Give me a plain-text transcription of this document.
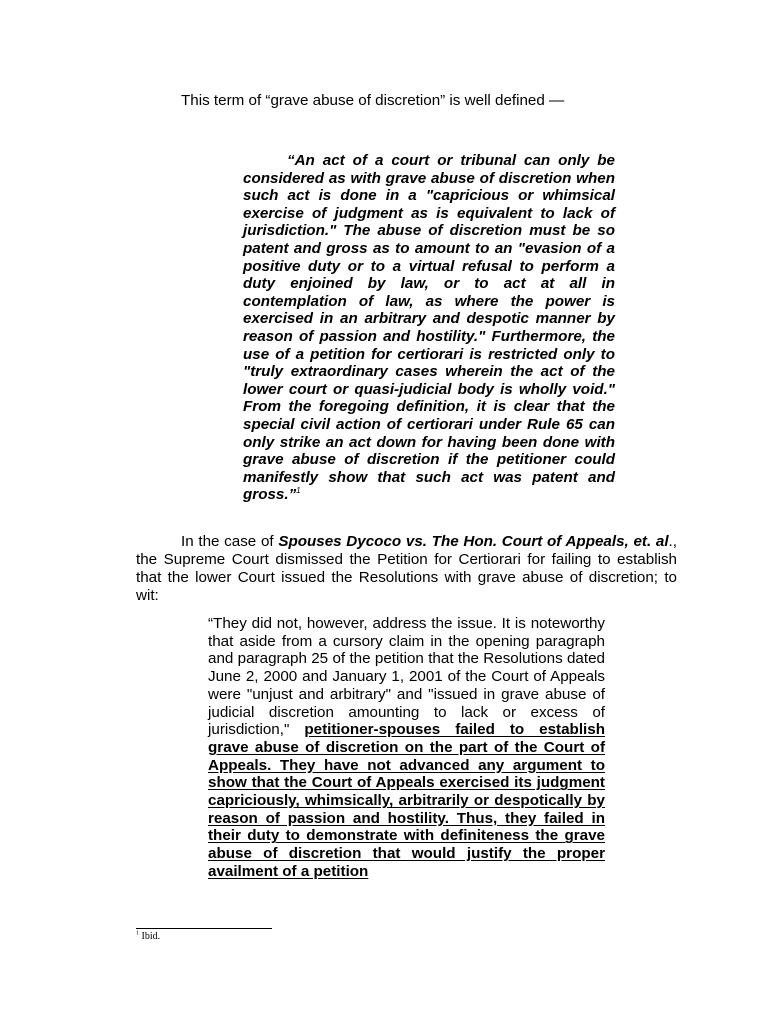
This term of “grave abuse of discretion” is well defined —

“An act of a court or tribunal can only be considered as with grave abuse of discretion when such act is done in a "capricious or whimsical exercise of judgment as is equivalent to lack of jurisdiction." The abuse of discretion must be so patent and gross as to amount to an "evasion of a positive duty or to a virtual refusal to perform a duty enjoined by law, or to act at all in contemplation of law, as where the power is exercised in an arbitrary and despotic manner by reason of passion and hostility." Furthermore, the use of a petition for certiorari is restricted only to "truly extraordinary cases wherein the act of the lower court or quasi-judicial body is wholly void." From the foregoing definition, it is clear that the special civil action of certiorari under Rule 65 can only strike an act down for having been done with grave abuse of discretion if the petitioner could manifestly show that such act was patent and gross.”$^1$

In the case of Spouses Dycoco vs. The Hon. Court of Appeals, et. al., the Supreme Court dismissed the Petition for Certiorari for failing to establish that the lower Court issued the Resolutions with grave abuse of discretion; to wit:

“They did not, however, address the issue. It is noteworthy that aside from a cursory claim in the opening paragraph and paragraph 25 of the petition that the Resolutions dated June 2, 2000 and January 1, 2001 of the Court of Appeals were "unjust and arbitrary" and "issued in grave abuse of judicial discretion amounting to lack or excess of jurisdiction," petitioner-spouses failed to establish grave abuse of discretion on the part of the Court of Appeals. They have not advanced any argument to show that the Court of Appeals exercised its judgment capriciously, whimsically, arbitrarily or despotically by reason of passion and hostility. Thus, they failed in their duty to demonstrate with definiteness the grave abuse of discretion that would justify the proper availment of a petition

$^1$ Ibid.
